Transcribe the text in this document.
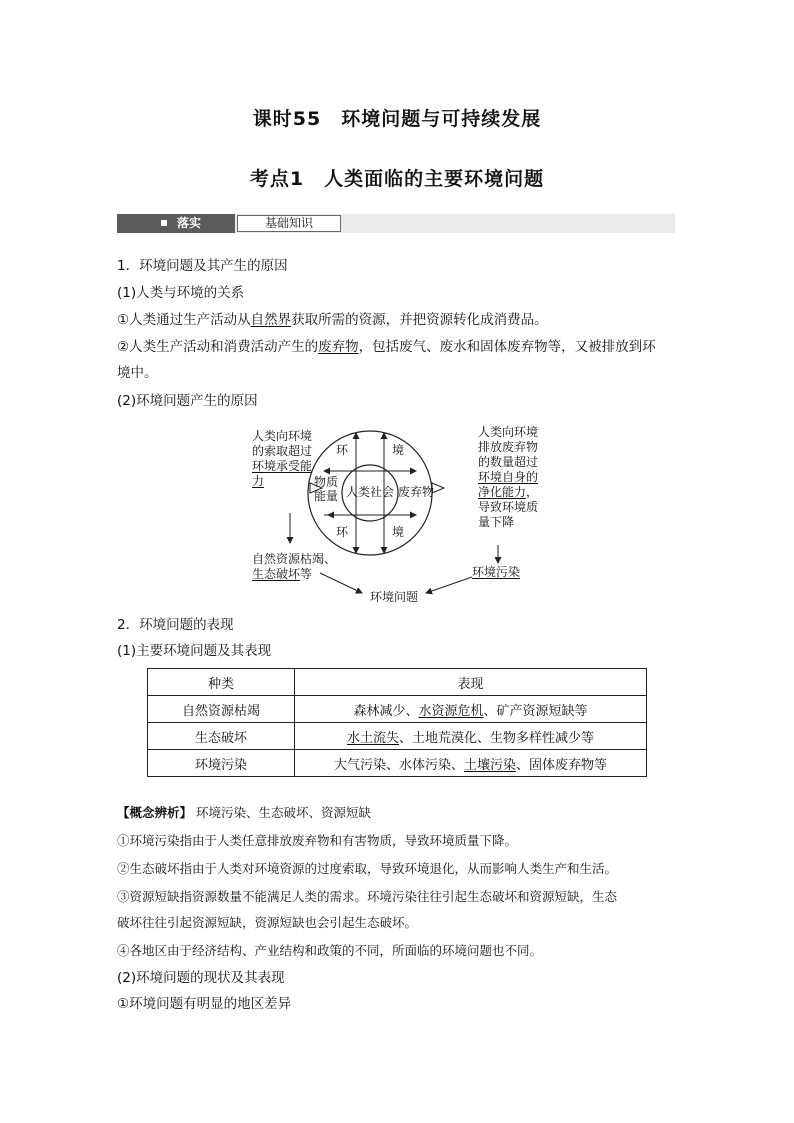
课时55　环境问题与可持续发展
考点1　人类面临的主要环境问题
落实	基础知识
1．环境问题及其产生的原因
(1)人类与环境的关系
①人类通过生产活动从自然界获取所需的资源，并把资源转化成消费品。
②人类生产活动和消费活动产生的废弃物，包括废气、废水和固体废弃物等，又被排放到环
境中。
(2)环境问题产生的原因
人类向环境
的索取超过
环境承受能
力
人类向环境
排放废弃物
的数量超过
环境自身的
净化能力，
导致环境质
量下降
环	境
环	境
物质
能量 人类社会 废弃物
自然资源枯竭、
生态破坏等	环境污染
环境问题
2．环境问题的表现
(1)主要环境问题及其表现
种类	表现
自然资源枯竭	森林减少、水资源危机、矿产资源短缺等
生态破坏	水土流失、土地荒漠化、生物多样性减少等
环境污染	大气污染、水体污染、土壤污染、固体废弃物等
【概念辨析】 环境污染、生态破坏、资源短缺
①环境污染指由于人类任意排放废弃物和有害物质，导致环境质量下降。
②生态破坏指由于人类对环境资源的过度索取，导致环境退化，从而影响人类生产和生活。
③资源短缺指资源数量不能满足人类的需求。环境污染往往引起生态破坏和资源短缺，生态
破坏往往引起资源短缺，资源短缺也会引起生态破坏。
④各地区由于经济结构、产业结构和政策的不同，所面临的环境问题也不同。
(2)环境问题的现状及其表现
①环境问题有明显的地区差异
